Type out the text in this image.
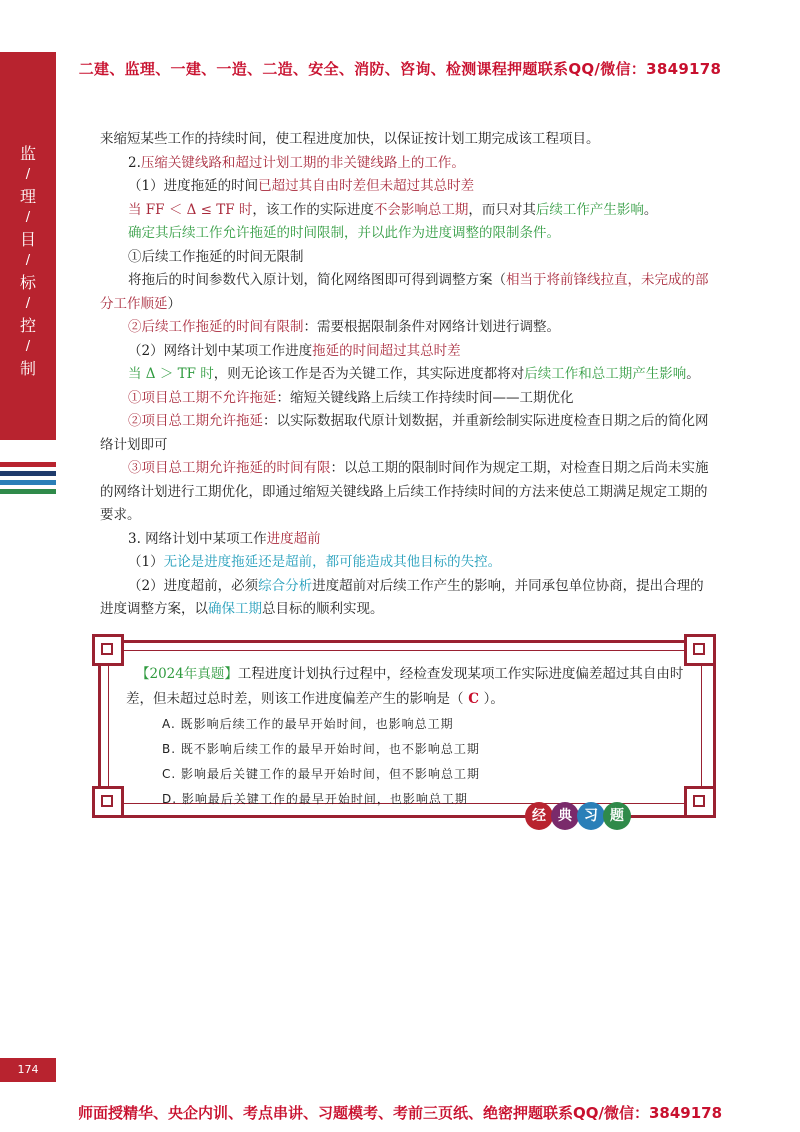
二建、监理、一建、一造、二造、安全、消防、咨询、检测课程押题联系QQ/微信：3849178
监
/
理
/
目
/
标
/
控
/
制
174

来缩短某些工作的持续时间，使工程进度加快，以保证按计划工期完成该工程项目。

2.压缩关键线路和超过计划工期的非关键线路上的工作。

（1）进度拖延的时间已超过其自由时差但未超过其总时差

当 FF ＜ Δ ≤ TF 时，该工作的实际进度不会影响总工期，而只对其后续工作产生影响。

确定其后续工作允许拖延的时间限制，并以此作为进度调整的限制条件。

①后续工作拖延的时间无限制

将拖后的时间参数代入原计划，简化网络图即可得到调整方案（相当于将前锋线拉直，未完成的部分工作顺延）

②后续工作拖延的时间有限制：需要根据限制条件对网络计划进行调整。

（2）网络计划中某项工作进度拖延的时间超过其总时差

当 Δ ＞ TF 时，则无论该工作是否为关键工作，其实际进度都将对后续工作和总工期产生影响。

①项目总工期不允许拖延：缩短关键线路上后续工作持续时间——工期优化

②项目总工期允许拖延：以实际数据取代原计划数据，并重新绘制实际进度检查日期之后的简化网络计划即可

③项目总工期允许拖延的时间有限：以总工期的限制时间作为规定工期，对检查日期之后尚未实施的网络计划进行工期优化，即通过缩短关键线路上后续工作持续时间的方法来使总工期满足规定工期的要求。

3. 网络计划中某项工作进度超前

（1）无论是进度拖延还是超前，都可能造成其他目标的失控。

（2）进度超前，必须综合分析进度超前对后续工作产生的影响，并同承包单位协商，提出合理的进度调整方案，以确保工期总目标的顺利实现。

【2024年真题】工程进度计划执行过程中，经检查发现某项工作实际进度偏差超过其自由时差，但未超过总时差，则该工作进度偏差产生的影响是（ C ）。
A. 既影响后续工作的最早开始时间，也影响总工期
B. 既不影响后续工作的最早开始时间，也不影响总工期
C. 影响最后关键工作的最早开始时间，但不影响总工期
D. 影响最后关键工作的最早开始时间，也影响总工期
经 典 习 题
师面授精华、央企内训、考点串讲、习题模考、考前三页纸、绝密押题联系QQ/微信：3849178
